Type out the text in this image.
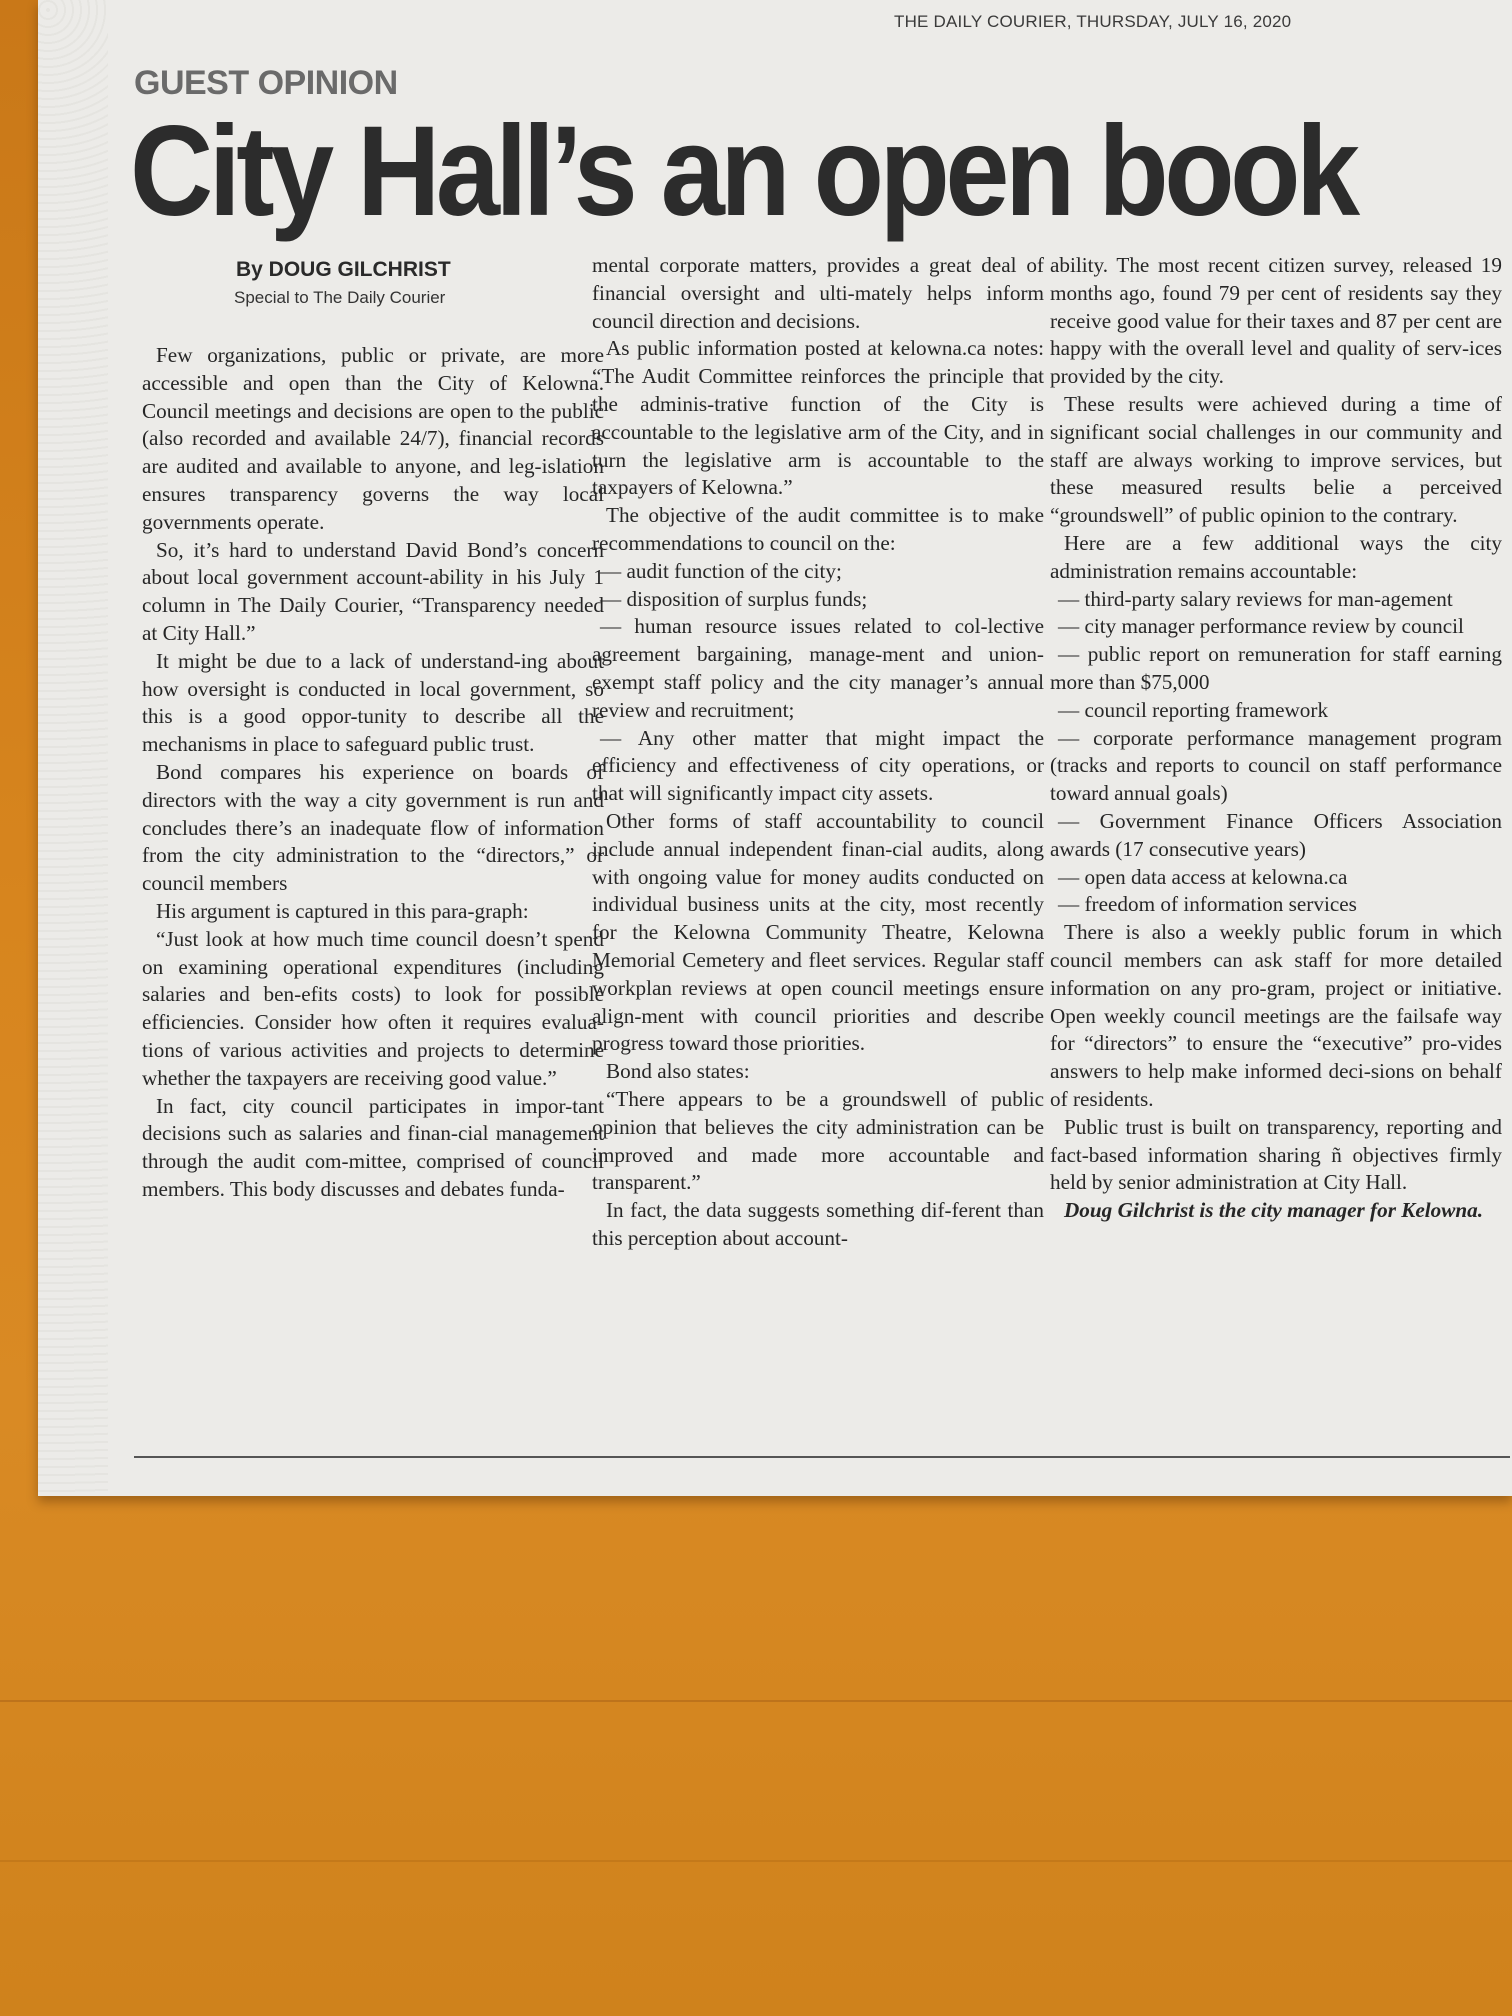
THE DAILY COURIER, THURSDAY, JULY 16, 2020
GUEST OPINION
City Hall’s an open book
By DOUG GILCHRIST
Special to The Daily Courier

Few organizations, public or private, are more accessible and open than the City of Kelowna. Council meetings and decisions are open to the public (also recorded and available 24/7), financial records are audited and available to anyone, and leg-islation ensures transparency governs the way local governments operate.

So, it’s hard to understand David Bond’s concern about local government account-ability in his July 1 column in The Daily Courier, “Transparency needed at City Hall.”

It might be due to a lack of understand-ing about how oversight is conducted in local government, so this is a good oppor-tunity to describe all the mechanisms in place to safeguard public trust.

Bond compares his experience on boards of directors with the way a city government is run and concludes there’s an inadequate flow of information from the city administration to the “directors,” or council members

His argument is captured in this para-graph:

“Just look at how much time council doesn’t spend on examining operational expenditures (including salaries and ben-efits costs) to look for possible efficiencies. Consider how often it requires evalua-tions of various activities and projects to determine whether the taxpayers are receiving good value.”

In fact, city council participates in impor-tant decisions such as salaries and finan-cial management through the audit com-mittee, comprised of council members. This body discusses and debates funda-

mental corporate matters, provides a great deal of financial oversight and ulti-mately helps inform council direction and decisions.

As public information posted at kelowna.ca notes: “The Audit Committee reinforces the principle that the adminis-trative function of the City is accountable to the legislative arm of the City, and in turn the legislative arm is accountable to the taxpayers of Kelowna.”

The objective of the audit committee is to make recommendations to council on the:

— audit function of the city;

— disposition of surplus funds;

— human resource issues related to col-lective agreement bargaining, manage-ment and union-exempt staff policy and the city manager’s annual review and recruitment;

— Any other matter that might impact the efficiency and effectiveness of city operations, or that will significantly impact city assets.

Other forms of staff accountability to council include annual independent finan-cial audits, along with ongoing value for money audits conducted on individual business units at the city, most recently for the Kelowna Community Theatre, Kelowna Memorial Cemetery and fleet services. Regular staff workplan reviews at open council meetings ensure align-ment with council priorities and describe progress toward those priorities.

Bond also states:

“There appears to be a groundswell of public opinion that believes the city administration can be improved and made more accountable and transparent.”

In fact, the data suggests something dif-ferent than this perception about account-

ability. The most recent citizen survey, released 19 months ago, found 79 per cent of residents say they receive good value for their taxes and 87 per cent are happy with the overall level and quality of serv-ices provided by the city.

These results were achieved during a time of significant social challenges in our community and staff are always working to improve services, but these measured results belie a perceived “groundswell” of public opinion to the contrary.

Here are a few additional ways the city administration remains accountable:

— third-party salary reviews for man-agement

— city manager performance review by council

— public report on remuneration for staff earning more than $75,000

— council reporting framework

— corporate performance management program (tracks and reports to council on staff performance toward annual goals)

— Government Finance Officers Association awards (17 consecutive years)

— open data access at kelowna.ca

— freedom of information services

There is also a weekly public forum in which council members can ask staff for more detailed information on any pro-gram, project or initiative. Open weekly council meetings are the failsafe way for “directors” to ensure the “executive” pro-vides answers to help make informed deci-sions on behalf of residents.

Public trust is built on transparency, reporting and fact-based information sharing ñ objectives firmly held by senior administration at City Hall.

Doug Gilchrist is the city manager for Kelowna.
